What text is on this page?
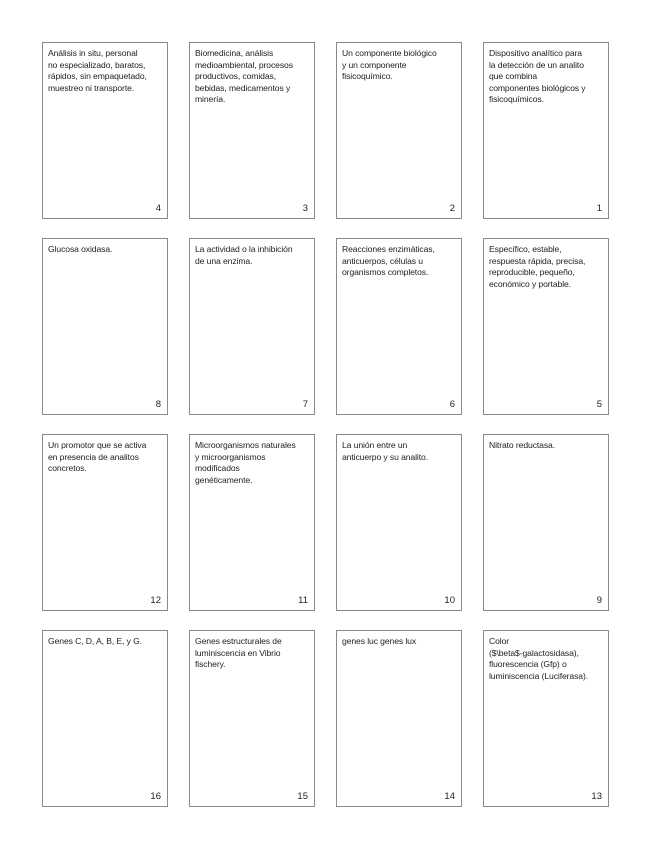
Análisis in situ, personal
no especializado, baratos,
rápidos, sin empaquetado,
muestreo ni transporte.
4
Biomedicina, análisis
medioambiental, procesos
productivos, comidas,
bebidas, medicamentos y
minería.
3
Un componente biológico
y un componente
fisicoquímico.
2
Dispositivo analítico para
la detección de un analito
que combina
componentes biológicos y
fisicoquímicos.
1
Glucosa oxidasa.
8
La actividad o la inhibición
de una enzima.
7
Reacciones enzimáticas,
anticuerpos, células u
organismos completos.
6
Específico, estable,
respuesta rápida, precisa,
reproducible, pequeño,
económico y portable.
5
Un promotor que se activa
en presencia de analitos
concretos.
12
Microorganismos naturales
y microorganismos
modificados
genéticamente.
11
La unión entre un
anticuerpo y su analito.
10
Nitrato reductasa.
9
Genes C, D, A, B, E, y G.
16
Genes estructurales de
luminiscencia en Vibrio
fischery.
15
genes luc genes lux
14
Color
($\beta$-galactosidasa),
fluorescencia (Gfp) o
luminiscencia (Luciferasa).
13
